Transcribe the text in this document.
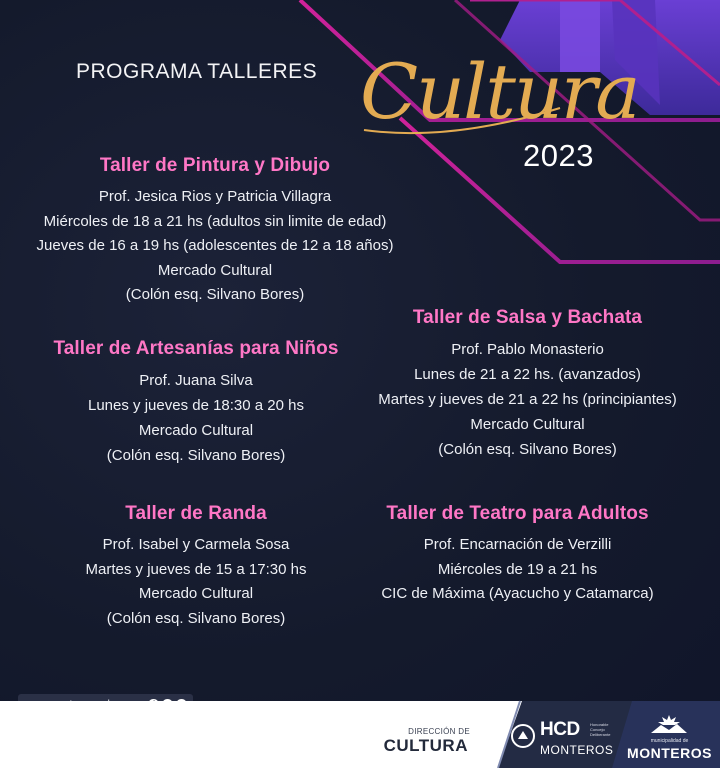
PROGRAMA TALLERES Cultura
2023
Taller de Pintura y Dibujo
Prof. Jesica Rios y Patricia Villagra
Miércoles de 18 a 21 hs (adultos sin limite de edad)
Jueves de 16 a 19 hs (adolescentes de 12 a 18 años)
Mercado Cultural
(Colón esq. Silvano Bores)
Taller de Salsa y Bachata
Prof. Pablo Monasterio
Lunes de 21 a 22 hs. (avanzados)
Martes y jueves de 21 a 22 hs (principiantes)
Mercado Cultural
(Colón esq. Silvano Bores)
Taller de Artesanías para Niños
Prof. Juana Silva
Lunes y jueves de 18:30 a 20 hs
Mercado Cultural
(Colón esq. Silvano Bores)
Taller de Randa
Prof. Isabel y Carmela Sosa
Martes y jueves de 15 a 17:30 hs
Mercado Cultural
(Colón esq. Silvano Bores)
Taller de Teatro para Adultos
Prof. Encarnación de Verzilli
Miércoles de 19 a 21 hs
CIC de Máxima (Ayacucho y Catamarca)
DIRECCIÓN DE
CULTURA
HCD
MONTEROS
Honorable Concejo Deliberante
municipalidad de
MONTEROS
